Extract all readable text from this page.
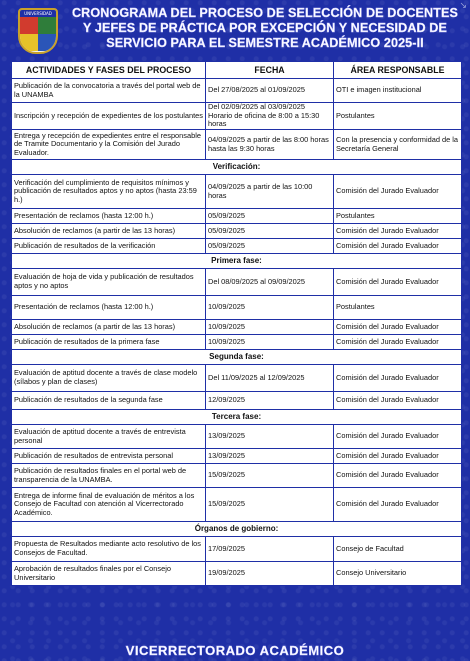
UNIVERSIDAD	CRONOGRAMA DEL PROCESO DE SELECCIÓN DE DOCENTES
Y JEFES DE PRÁCTICA POR EXCEPCIÓN Y NECESIDAD DE
SERVICIO PARA EL SEMESTRE ACADÉMICO 2025-II
↘
ACTIVIDADES Y FASES DEL PROCESO	FECHA	ÁREA RESPONSABLE
Publicación de la convocatoria a través del portal web de la UNAMBA	Del 27/08/2025 al 01/09/2025	OTI e imagen institucional
Inscripción y recepción de expedientes de los postulantes	Del 02/09/2025 al 03/09/2025 Horario de oficina de 8:00 a 15:30 horas	Postulantes
Entrega y recepción de expedientes entre el responsable de Tramite Documentario y la Comisión del Jurado Evaluador.	04/09/2025 a partir de las 8:00 horas hasta las 9:30 horas	Con la presencia y conformidad de la Secretaría General
Verificación:		
Verificación del cumplimiento de requisitos mínimos y publicación de resultados aptos y no aptos (hasta 23:59 h.)	04/09/2025 a partir de las 10:00 horas	Comisión del Jurado Evaluador
Presentación de reclamos (hasta 12:00 h.)	05/09/2025	Postulantes
Absolución de reclamos (a partir de las 13 horas)	05/09/2025	Comisión del Jurado Evaluador
Publicación de resultados de la verificación	05/09/2025	Comisión del Jurado Evaluador
Primera fase:		
Evaluación de hoja de vida y publicación de resultados aptos y no aptos	Del 08/09/2025 al 09/09/2025	Comisión del Jurado Evaluador
Presentación de reclamos (hasta 12:00 h.)	10/09/2025	Postulantes
Absolución de reclamos (a partir de las 13 horas)	10/09/2025	Comisión del Jurado Evaluador
Publicación de resultados de la primera fase	10/09/2025	Comisión del Jurado Evaluador
Segunda fase:		
Evaluación de aptitud docente a través de clase modelo (sílabos y plan de clases)	Del 11/09/2025 al 12/09/2025	Comisión del Jurado Evaluador
Publicación de resultados de la segunda fase	12/09/2025	Comisión del Jurado Evaluador
Tercera fase:		
Evaluación de aptitud docente a través de entrevista personal	13/09/2025	Comisión del Jurado Evaluador
Publicación de resultados de entrevista personal	13/09/2025	Comisión del Jurado Evaluador
Publicación de resultados finales en el portal web de transparencia de la UNAMBA.	15/09/2025	Comisión del Jurado Evaluador
Entrega de informe final de evaluación de méritos a los Consejo de Facultad con atención al Vicerrectorado Académico.	15/09/2025	Comisión del Jurado Evaluador
Órganos de gobierno:		
Propuesta de Resultados mediante acto resolutivo de los Consejos de Facultad.	17/09/2025	Consejo de Facultad
Aprobación de resultados finales por el Consejo Universitario	19/09/2025	Consejo Universitario
VICERRECTORADO ACADÉMICO
